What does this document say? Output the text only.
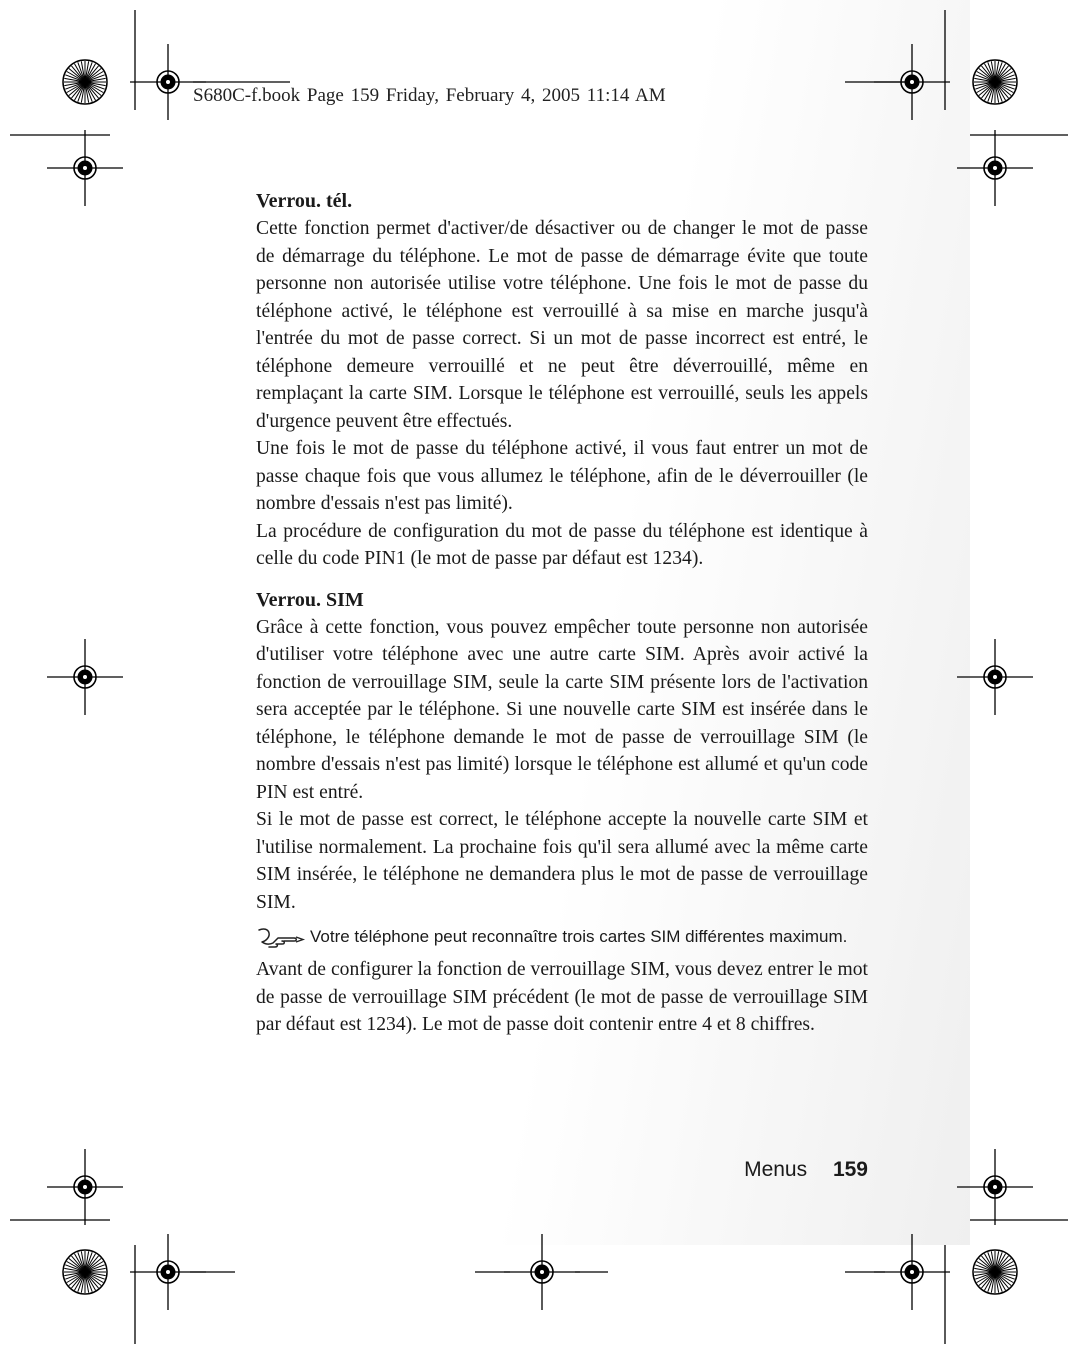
S680C-f.book Page 159 Friday, February 4, 2005 11:14 AM

Verrou. tél.

Cette fonction permet d'activer/de désactiver ou de changer le mot de passe de démarrage du téléphone. Le mot de passe de démarrage évite que toute personne non autorisée utilise votre téléphone. Une fois le mot de passe du téléphone activé, le téléphone est verrouillé à sa mise en marche jusqu'à l'entrée du mot de passe correct. Si un mot de passe incorrect est entré, le téléphone demeure verrouillé et ne peut être déverrouillé, même en remplaçant la carte SIM. Lorsque le téléphone est verrouillé, seuls les appels d'urgence peuvent être effectués.

Une fois le mot de passe du téléphone activé, il vous faut entrer un mot de passe chaque fois que vous allumez le téléphone, afin de le déverrouiller (le nombre d'essais n'est pas limité).

La procédure de configuration du mot de passe du téléphone est identique à celle du code PIN1 (le mot de passe par défaut est 1234).

Verrou. SIM

Grâce à cette fonction, vous pouvez empêcher toute personne non autorisée d'utiliser votre téléphone avec une autre carte SIM. Après avoir activé la fonction de verrouillage SIM, seule la carte SIM présente lors de l'activation sera acceptée par le téléphone. Si une nouvelle carte SIM est insérée dans le téléphone, le téléphone demande le mot de passe de verrouillage SIM (le nombre d'essais n'est pas limité) lorsque le téléphone est allumé et qu'un code PIN est entré.

Si le mot de passe est correct, le téléphone accepte la nouvelle carte SIM et l'utilise normalement. La prochaine fois qu'il sera allumé avec la même carte SIM insérée, le téléphone ne demandera plus le mot de passe de verrouillage SIM.

Votre téléphone peut reconnaître trois cartes SIM différentes maximum.

Avant de configurer la fonction de verrouillage SIM, vous devez entrer le mot de passe de verrouillage SIM précédent (le mot de passe de verrouillage SIM par défaut est 1234). Le mot de passe doit contenir entre 4 et 8 chiffres.

Menus 159
